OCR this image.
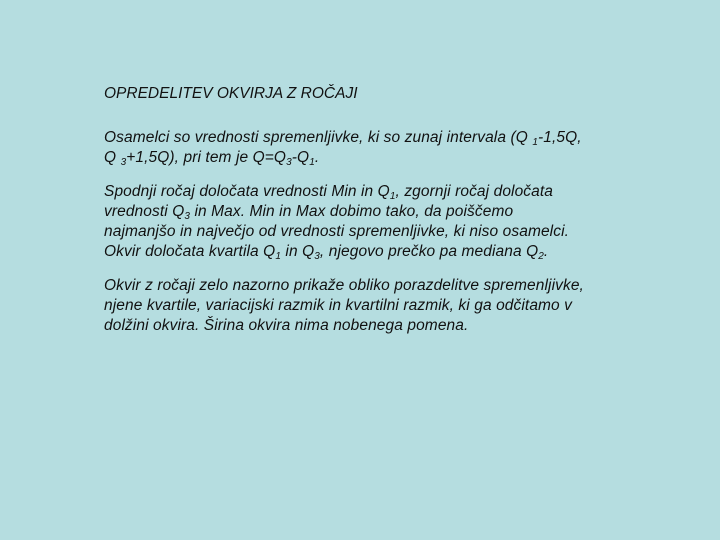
OPREDELITEV OKVIRJA Z ROČAJI
Osamelci so vrednosti spremenljivke, ki so zunaj intervala (Q $_1$-1,5Q,
Q $_3$+1,5Q), pri tem je $Q=Q_3-Q_1$.
Spodnji ročaj določata vrednosti Min in $Q_1$, zgornji ročaj določata
vrednosti $Q_3$ in Max. Min in Max dobimo tako, da poiščemo
najmanjšo in največjo od vrednosti spremenljivke, ki niso osamelci.
Okvir določata kvartila $Q_1$ in $Q_3$, njegovo prečko pa mediana $Q_2$.
Okvir z ročaji zelo nazorno prikaže obliko porazdelitve spremenljivke,
njene kvartile, variacijski razmik in kvartilni razmik, ki ga odčitamo v
dolžini okvira. Širina okvira nima nobenega pomena.
